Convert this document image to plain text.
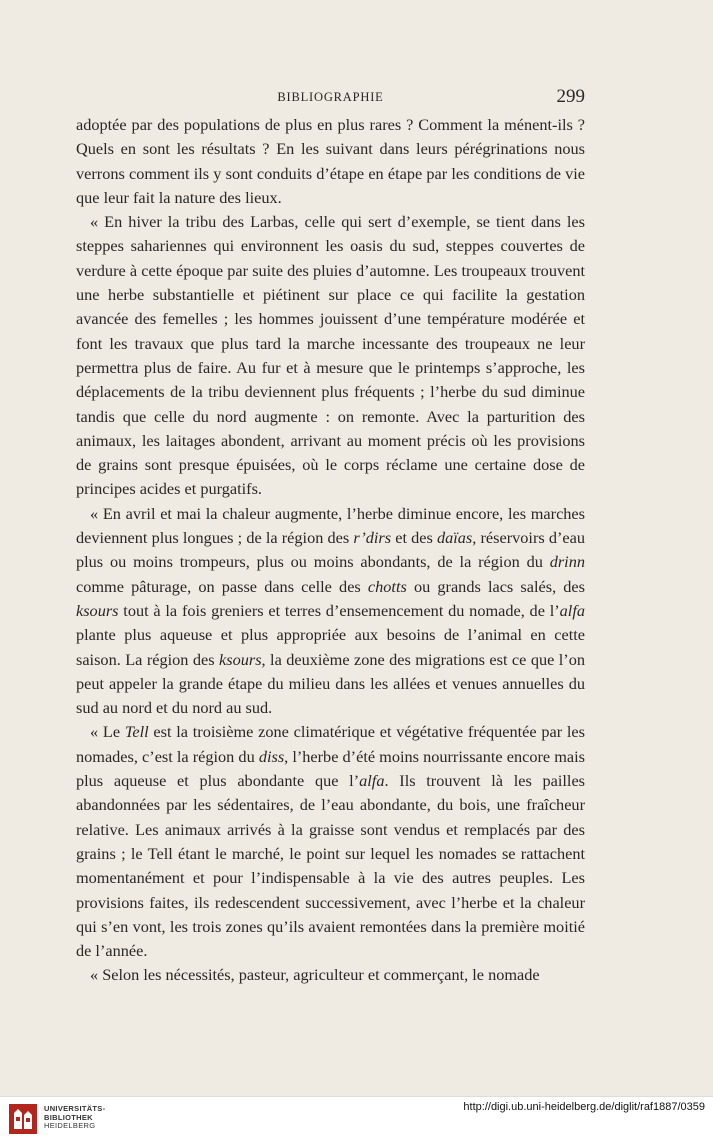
BIBLIOGRAPHIE	299

adoptée par des populations de plus en plus rares ? Comment la ménent-ils ? Quels en sont les résultats ? En les suivant dans leurs pérégrinations nous verrons comment ils y sont conduits d’étape en étape par les conditions de vie que leur fait la nature des lieux.

« En hiver la tribu des Larbas, celle qui sert d’exemple, se tient dans les steppes sahariennes qui environnent les oasis du sud, steppes couvertes de verdure à cette époque par suite des pluies d’automne. Les troupeaux trouvent une herbe substantielle et piétinent sur place ce qui facilite la gestation avancée des femelles ; les hommes jouissent d’une température modérée et font les travaux que plus tard la marche incessante des troupeaux ne leur permettra plus de faire. Au fur et à mesure que le printemps s’approche, les déplacements de la tribu deviennent plus fréquents ; l’herbe du sud diminue tandis que celle du nord augmente : on remonte. Avec la parturition des animaux, les laitages abondent, arrivant au moment précis où les provisions de grains sont presque épuisées, où le corps réclame une certaine dose de principes acides et purgatifs.

« En avril et mai la chaleur augmente, l’herbe diminue encore, les marches deviennent plus longues ; de la région des r’dirs et des daïas, réservoirs d’eau plus ou moins trompeurs, plus ou moins abondants, de la région du drinn comme pâturage, on passe dans celle des chotts ou grands lacs salés, des ksours tout à la fois greniers et terres d’ensemencement du nomade, de l’alfa plante plus aqueuse et plus appropriée aux besoins de l’animal en cette saison. La région des ksours, la deuxième zone des migrations est ce que l’on peut appeler la grande étape du milieu dans les allées et venues annuelles du sud au nord et du nord au sud.

« Le Tell est la troisième zone climatérique et végétative fréquentée par les nomades, c’est la région du diss, l’herbe d’été moins nourrissante encore mais plus aqueuse et plus abondante que l’alfa. Ils trouvent là les pailles abandonnées par les sédentaires, de l’eau abondante, du bois, une fraîcheur relative. Les animaux arrivés à la graisse sont vendus et remplacés par des grains ; le Tell étant le marché, le point sur lequel les nomades se rattachent momentanément et pour l’indispensable à la vie des autres peuples. Les provisions faites, ils redescendent successivement, avec l’herbe et la chaleur qui s’en vont, les trois zones qu’ils avaient remontées dans la première moitié de l’année.

« Selon les nécessités, pasteur, agriculteur et commerçant, le nomade

UNIVERSITÄTS-
BIBLIOTHEK
HEIDELBERG
http://digi.ub.uni-heidelberg.de/diglit/raf1887/0359
